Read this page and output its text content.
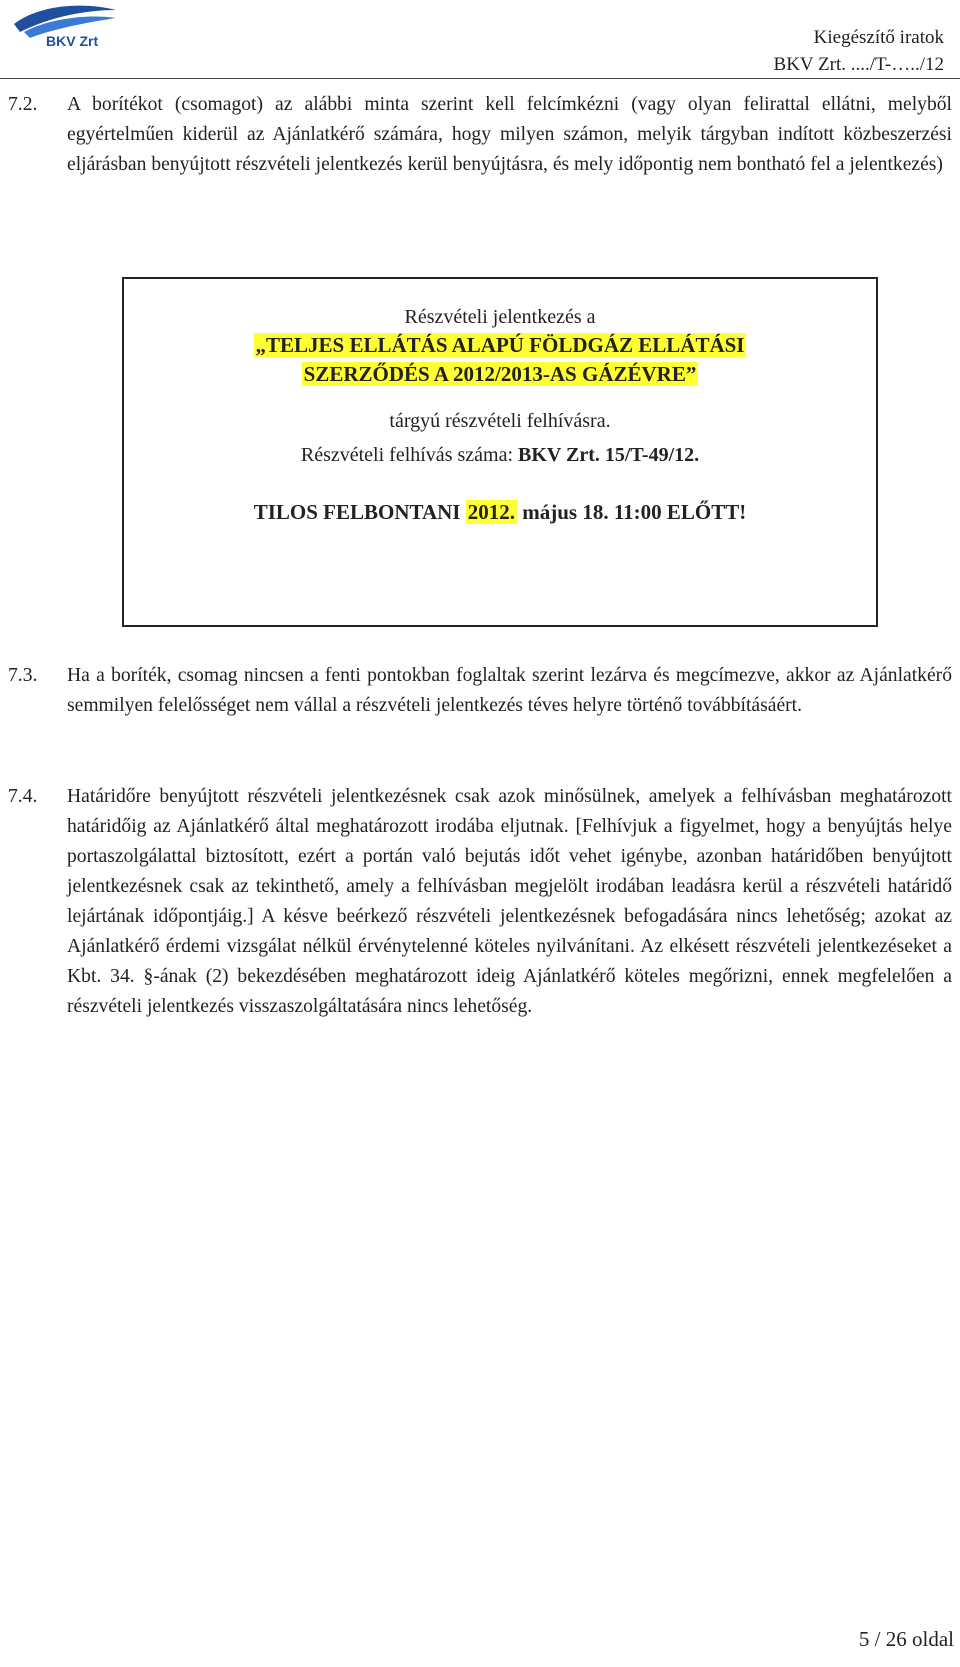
BKV Zrt	Kiegészítő iratok
BKV Zrt. ..../T-…../12
7.2. A borítékot (csomagot) az alábbi minta szerint kell felcímkézni (vagy olyan felirattal ellátni, melyből egyértelműen kiderül az Ajánlatkérő számára, hogy milyen számon, melyik tárgyban indított közbeszerzési eljárásban benyújtott részvételi jelentkezés kerül benyújtásra, és mely időpontig nem bontható fel a jelentkezés)
Részvételi jelentkezés a
„TELJES ELLÁTÁS ALAPÚ FÖLDGÁZ ELLÁTÁSI
SZERZŐDÉS A 2012/2013-AS GÁZÉVRE”
tárgyú részvételi felhívásra.
Részvételi felhívás száma: BKV Zrt. 15/T-49/12.
TILOS FELBONTANI 2012. május 18. 11:00 ELŐTT!
7.3. Ha a boríték, csomag nincsen a fenti pontokban foglaltak szerint lezárva és megcímezve, akkor az Ajánlatkérő semmilyen felelősséget nem vállal a részvételi jelentkezés téves helyre történő továbbításáért.
7.4. Határidőre benyújtott részvételi jelentkezésnek csak azok minősülnek, amelyek a felhívásban meghatározott határidőig az Ajánlatkérő által meghatározott irodába eljutnak. [Felhívjuk a figyelmet, hogy a benyújtás helye portaszolgálattal biztosított, ezért a portán való bejutás időt vehet igénybe, azonban határidőben benyújtott jelentkezésnek csak az tekinthető, amely a felhívásban megjelölt irodában leadásra kerül a részvételi határidő lejártának időpontjáig.] A késve beérkező részvételi jelentkezésnek befogadására nincs lehetőség; azokat az Ajánlatkérő érdemi vizsgálat nélkül érvénytelenné köteles nyilvánítani. Az elkésett részvételi jelentkezéseket a Kbt. 34. §-ának (2) bekezdésében meghatározott ideig Ajánlatkérő köteles megőrizni, ennek megfelelően a részvételi jelentkezés visszaszolgáltatására nincs lehetőség.
5 / 26 oldal
